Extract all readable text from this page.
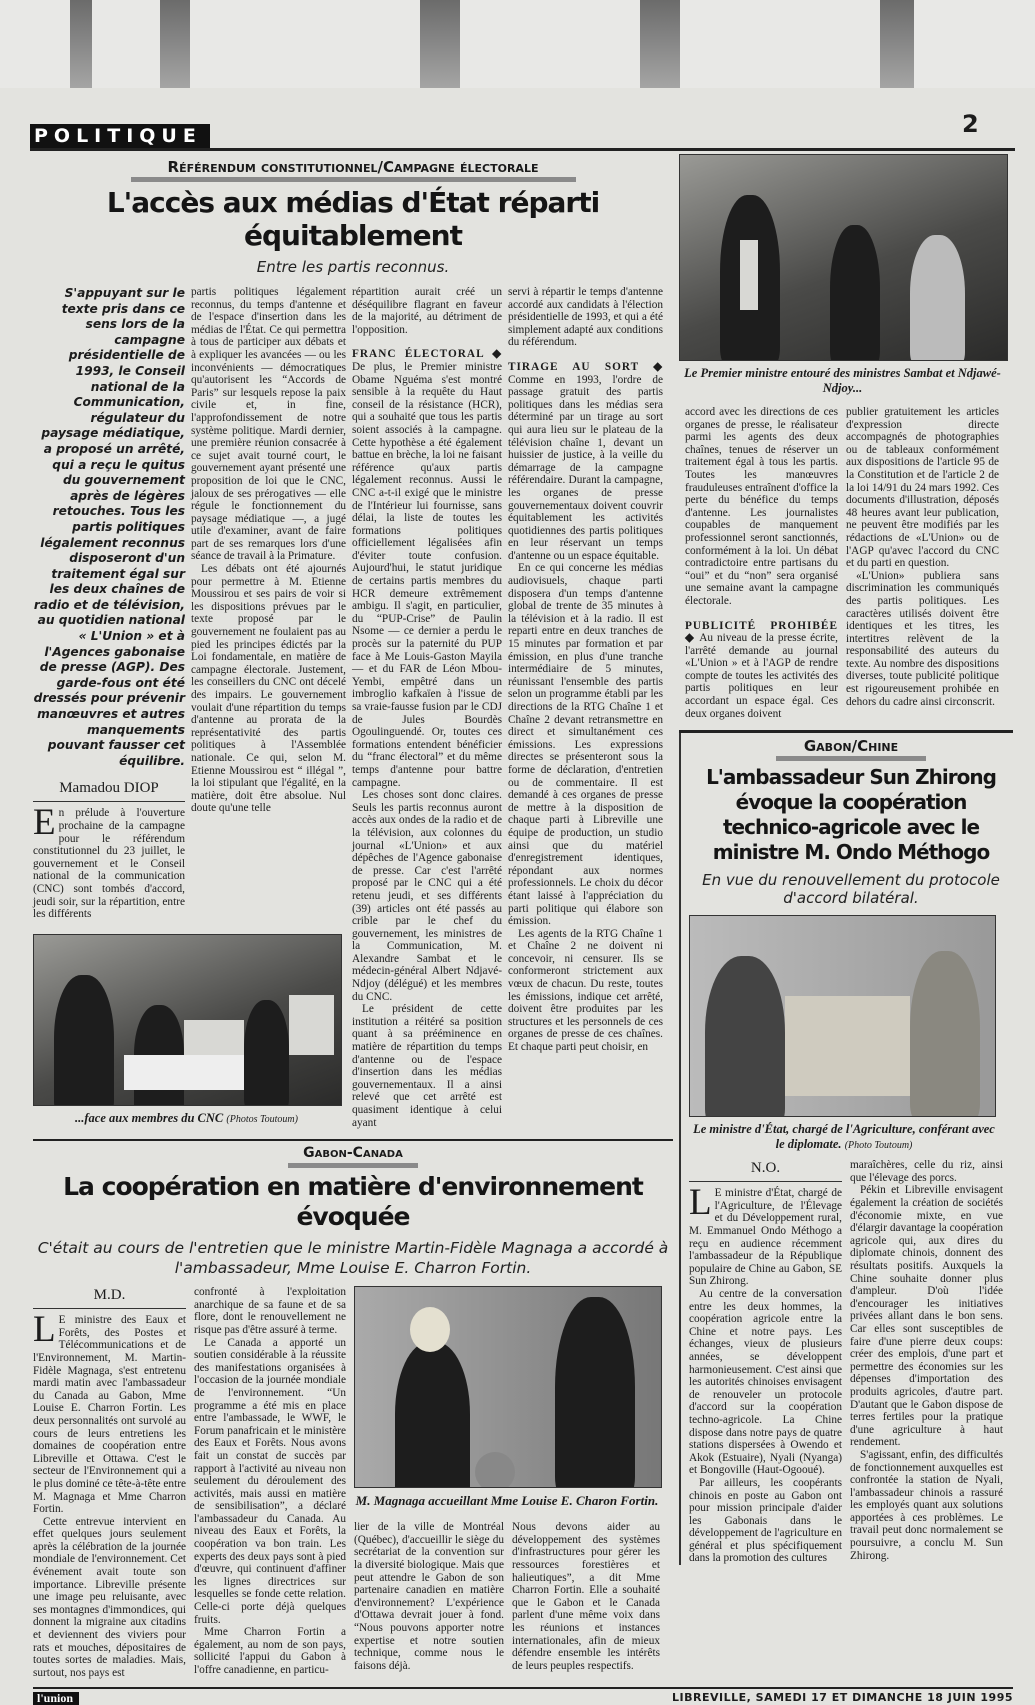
POLITIQUE	2
Référendum constitutionnel/Campagne électorale
L'accès aux médias d'État réparti équitablement
Entre les partis reconnus.
S'appuyant sur le texte pris dans ce sens lors de la campagne présidentielle de 1993, le Conseil national de la Communication, régulateur du paysage médiatique, a proposé un arrêté, qui a reçu le quitus du gouvernement après de légères retouches. Tous les partis politiques légalement reconnus disposeront d'un traitement égal sur les deux chaînes de radio et de télévision, au quotidien national « L'Union » et à l'Agences gabonaise de presse (AGP). Des garde-fous ont été dressés pour prévenir manœuvres et autres manquements pouvant fausser cet équilibre.
Mamadou DIOP

En prélude à l'ouverture prochaine de la campagne pour le référendum constitutionnel du 23 juillet, le gouvernement et le Conseil national de la communication (CNC) sont tombés d'accord, jeudi soir, sur la répartition, entre les différents

partis politiques légalement reconnus, du temps d'antenne et de l'espace d'insertion dans les médias de l'État. Ce qui permettra à tous de participer aux débats et à expliquer les avancées — ou les inconvénients — démocratiques qu'autorisent les “Accords de Paris” sur lesquels repose la paix civile et, in fine, l'approfondissement de notre système politique. Mardi dernier, une première réunion consacrée à ce sujet avait tourné court, le gouvernement ayant présenté une proposition de loi que le CNC, jaloux de ses prérogatives — elle régule le fonctionnement du paysage médiatique —, a jugé utile d'examiner, avant de faire part de ses remarques lors d'une séance de travail à la Primature.

Les débats ont été ajournés pour permettre à M. Etienne Moussirou et ses pairs de voir si les dispositions prévues par le texte proposé par le gouvernement ne foulaient pas au pied les principes édictés par la Loi fondamentale, en matière de campagne électorale. Justement, les conseillers du CNC ont décelé des impairs. Le gouvernement voulait d'une répartition du temps d'antenne au prorata de la représentativité des partis politiques à l'Assemblée nationale. Ce qui, selon M. Etienne Moussirou est “ illégal ”, la loi stipulant que l'égalité, en la matière, doit être absolue. Nul doute qu'une telle

...face aux membres du CNC (Photos Toutoum)

répartition aurait créé un déséquilibre flagrant en faveur de la majorité, au détriment de l'opposition.

FRANC ÉLECTORAL ◆ De plus, le Premier ministre Obame Nguéma s'est montré sensible à la requête du Haut conseil de la résistance (HCR), qui a souhaité que tous les partis soient associés à la campagne. Cette hypothèse a été également battue en brèche, la loi ne faisant référence qu'aux partis légalement reconnus. Aussi le CNC a-t-il exigé que le ministre de l'Intérieur lui fournisse, sans délai, la liste de toutes les formations politiques officiellement légalisées afin d'éviter toute confusion. Aujourd'hui, le statut juridique de certains partis membres du HCR demeure extrêmement ambigu. Il s'agit, en particulier, du “PUP-Crise” de Paulin Nsome — ce dernier a perdu le procès sur la paternité du PUP face à Me Louis-Gaston Mayila — et du FAR de Léon Mbou-Yembi, empêtré dans un imbroglio kafkaïen à l'issue de sa vraie-fausse fusion par le CDJ de Jules Bourdès Ogoulinguendé. Or, toutes ces formations entendent bénéficier du “franc électoral” et du même temps d'antenne pour battre campagne.

Les choses sont donc claires. Seuls les partis reconnus auront accès aux ondes de la radio et de la télévision, aux colonnes du journal «L'Union» et aux dépêches de l'Agence gabonaise de presse. Car c'est l'arrêté proposé par le CNC qui a été retenu jeudi, et ses différents (39) articles ont été passés au crible par le chef du gouvernement, les ministres de la Communication, M. Alexandre Sambat et le médecin-général Albert Ndjavé-Ndjoy (délégué) et les membres du CNC.

Le président de cette institution a réitéré sa position quant à sa prééminence en matière de répartition du temps d'antenne ou de l'espace d'insertion dans les médias gouvernementaux. Il a ainsi relevé que cet arrêté est quasiment identique à celui ayant

servi à répartir le temps d'antenne accordé aux candidats à l'élection présidentielle de 1993, et qui a été simplement adapté aux conditions du référendum.

TIRAGE AU SORT ◆ Comme en 1993, l'ordre de passage gratuit des partis politiques dans les médias sera déterminé par un tirage au sort qui aura lieu sur le plateau de la télévision chaîne 1, devant un huissier de justice, à la veille du démarrage de la campagne référendaire. Durant la campagne, les organes de presse gouvernementaux doivent couvrir équitablement les activités quotidiennes des partis politiques en leur réservant un temps d'antenne ou un espace équitable.

En ce qui concerne les médias audiovisuels, chaque parti disposera d'un temps d'antenne global de trente de 35 minutes à la télévision et à la radio. Il est reparti entre en deux tranches de 15 minutes par formation et par émission, en plus d'une tranche intermédiaire de 5 minutes, réunissant l'ensemble des partis selon un programme établi par les directions de la RTG Chaîne 1 et Chaîne 2 devant retransmettre en direct et simultanément ces émissions. Les expressions directes se présenteront sous la forme de déclaration, d'entretien ou de commentaire. Il est demandé à ces organes de presse de mettre à la disposition de chaque parti à Libreville une équipe de production, un studio ainsi que du matériel d'enregistrement identiques, répondant aux normes professionnels. Le choix du décor étant laissé à l'appréciation du parti politique qui élabore son émission.

Les agents de la RTG Chaîne 1 et Chaîne 2 ne doivent ni concevoir, ni censurer. Ils se conformeront strictement aux vœux de chacun. Du reste, toutes les émissions, indique cet arrêté, doivent être produites par les structures et les personnels de ces organes de presse de ces chaînes. Et chaque parti peut choisir, en

Gabon-Canada
La coopération en matière d'environnement évoquée
C'était au cours de l'entretien que le ministre Martin-Fidèle Magnaga a accordé à l'ambassadeur, Mme Louise E. Charron Fortin.
M.D.

L E ministre des Eaux et Forêts, des Postes et Télécommunications et de l'Environnement, M. Martin-Fidèle Magnaga, s'est entretenu mardi matin avec l'ambassadeur du Canada au Gabon, Mme Louise E. Charron Fortin. Les deux personnalités ont survolé au cours de leurs entretiens les domaines de coopération entre Libreville et Ottawa. C'est le secteur de l'Environnement qui a le plus dominé ce tête-à-tête entre M. Magnaga et Mme Charron Fortin.

Cette entrevue intervient en effet quelques jours seulement après la célébration de la journée mondiale de l'environnement. Cet événement avait toute son importance. Libreville présente une image peu reluisante, avec ses montagnes d'immondices, qui donnent la migraine aux citadins et deviennent des viviers pour rats et mouches, dépositaires de toutes sortes de maladies. Mais, surtout, nos pays est

confronté à l'exploitation anarchique de sa faune et de sa flore, dont le renouvellement ne risque pas d'être assuré à terme.

Le Canada a apporté un soutien considérable à la réussite des manifestations organisées à l'occasion de la journée mondiale de l'environnement. “Un programme a été mis en place entre l'ambassade, le WWF, le Forum panafricain et le ministère des Eaux et Forêts. Nous avons fait un constat de succès par rapport à l'activité au niveau non seulement du déroulement des activités, mais aussi en matière de sensibilisation”, a déclaré l'ambassadeur du Canada. Au niveau des Eaux et Forêts, la coopération va bon train. Les experts des deux pays sont à pied d'œuvre, qui continuent d'affiner les lignes directrices sur lesquelles se fonde cette relation. Celle-ci porte déjà quelques fruits.

Mme Charron Fortin a également, au nom de son pays, sollicité l'appui du Gabon à l'offre canadienne, en particu-

M. Magnaga accueillant Mme Louise E. Charon Fortin.

lier de la ville de Montréal (Québec), d'accueillir le siège du secrétariat de la convention sur la diversité biologique. Mais que peut attendre le Gabon de son partenaire canadien en matière d'environnement? L'expérience d'Ottawa devrait jouer à fond. “Nous pouvons apporter notre expertise et notre soutien technique, comme nous le faisons déjà.

Nous devons aider au développement des systèmes d'infrastructures pour gérer les ressources forestières et halieutiques”, a dit Mme Charron Fortin. Elle a souhaité que le Gabon et le Canada parlent d'une même voix dans les réunions et instances internationales, afin de mieux défendre ensemble les intérêts de leurs peuples respectifs.

Le Premier ministre entouré des ministres Sambat et Ndjawé-Ndjoy...

accord avec les directions de ces organes de presse, le réalisateur parmi les agents des deux chaînes, tenues de réserver un traitement égal à tous les partis. Toutes les manœuvres frauduleuses entraînent d'office la perte du bénéfice du temps d'antenne. Les journalistes coupables de manquement professionnel seront sanctionnés, conformément à la loi. Un débat contradictoire entre partisans du “oui” et du “non” sera organisé une semaine avant la campagne électorale.

PUBLICITÉ PROHIBÉE ◆ Au niveau de la presse écrite, l'arrêté demande au journal «L'Union » et à l'AGP de rendre compte de toutes les activités des partis politiques en leur accordant un espace égal. Ces deux organes doivent

publier gratuitement les articles d'expression directe accompagnés de photographies ou de tableaux conformément aux dispositions de l'article 95 de la Constitution et de l'article 2 de la loi 14/91 du 24 mars 1992. Ces documents d'illustration, déposés 48 heures avant leur publication, ne peuvent être modifiés par les rédactions de «L'Union» ou de l'AGP qu'avec l'accord du CNC et du parti en question.

«L'Union» publiera sans discrimination les communiqués des partis politiques. Les caractères utilisés doivent être identiques et les titres, les intertitres relèvent de la responsabilité des auteurs du texte. Au nombre des dispositions diverses, toute publicité politique est rigoureusement prohibée en dehors du cadre ainsi circonscrit.

Gabon/Chine
L'ambassadeur Sun Zhirong évoque la coopération technico-agricole avec le ministre M. Ondo Méthogo
En vue du renouvellement du protocole d'accord bilatéral.
Le ministre d'État, chargé de l'Agriculture, conférant avec le diplomate. (Photo Toutoum)
N.O.

L E ministre d'État, chargé de l'Agriculture, de l'Élevage et du Développement rural, M. Emmanuel Ondo Méthogo a reçu en audience récemment l'ambassadeur de la République populaire de Chine au Gabon, SE Sun Zhirong.

Au centre de la conversation entre les deux hommes, la coopération agricole entre la Chine et notre pays. Les échanges, vieux de plusieurs années, se développent harmonieusement. C'est ainsi que les autorités chinoises envisagent de renouveler un protocole d'accord sur la coopération techno-agricole. La Chine dispose dans notre pays de quatre stations dispersées à Owendo et Akok (Estuaire), Nyali (Nyanga) et Bongoville (Haut-Ogooué).

Par ailleurs, les coopérants chinois en poste au Gabon ont pour mission principale d'aider les Gabonais dans le développement de l'agriculture en général et plus spécifiquement dans la promotion des cultures

maraîchères, celle du riz, ainsi que l'élevage des porcs.

Pékin et Libreville envisagent également la création de sociétés d'économie mixte, en vue d'élargir davantage la coopération agricole qui, aux dires du diplomate chinois, donnent des résultats positifs. Auxquels la Chine souhaite donner plus d'ampleur. D'où l'idée d'encourager les initiatives privées allant dans le bon sens. Car elles sont susceptibles de faire d'une pierre deux coups: créer des emplois, d'une part et permettre des économies sur les dépenses d'importation des produits agricoles, d'autre part. D'autant que le Gabon dispose de terres fertiles pour la pratique d'une agriculture à haut rendement.

S'agissant, enfin, des difficultés de fonctionnement auxquelles est confrontée la station de Nyali, l'ambassadeur chinois a rassuré les employés quant aux solutions apportées à ces problèmes. Le travail peut donc normalement se poursuivre, a conclu M. Sun Zhirong.

l'union	LIBREVILLE, SAMEDI 17 ET DIMANCHE 18 JUIN 1995
